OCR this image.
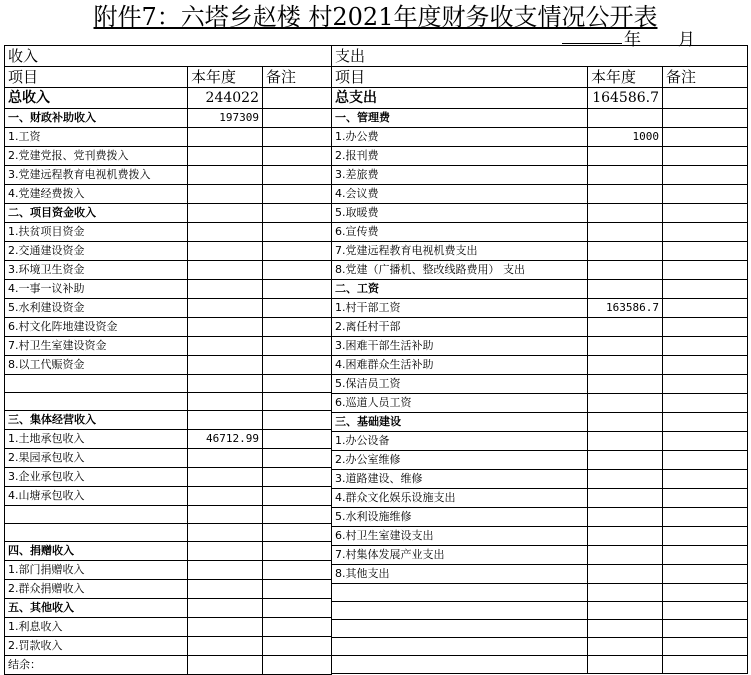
附件7：六塔乡赵楼 村2021年度财务收支情况公开表
年 月
收入		
项目	本年度	备注
总收入	244022	
一、财政补助收入	197309	
1.工资		
2.党建党报、党刊费拨入		
3.党建远程教育电视机费拨入		
4.党建经费拨入		
二、项目资金收入		
1.扶贫项目资金		
2.交通建设资金		
3.环境卫生资金		
4.一事一议补助		
5.水利建设资金		
6.村文化阵地建设资金		
7.村卫生室建设资金		
8.以工代赈资金		

三、集体经营收入		
1.土地承包收入	46712.99	
2.果园承包收入		
3.企业承包收入		
4.山塘承包收入		

四、捐赠收入		
1.部门捐赠收入		
2.群众捐赠收入		
五、其他收入		
1.利息收入		
2.罚款收入		
结余：		
支出		
项目	本年度	备注
总支出	164586.7	
一、管理费		
1.办公费	1000	
2.报刊费		
3.差旅费		
4.会议费		
5.取暖费		
6.宣传费		
7.党建远程教育电视机费支出		
8.党建（广播机、整改线路费用） 支出		
二、工资		
1.村干部工资	163586.7	
2.离任村干部		
3.困难干部生活补助		
4.困难群众生活补助		
5.保洁员工资		
6.巡道人员工资		
三、基础建设		
1.办公设备		
2.办公室维修		
3.道路建设、维修		
4.群众文化娱乐设施支出		
5.水利设施维修		
6.村卫生室建设支出		
7.村集体发展产业支出		
8.其他支出		
